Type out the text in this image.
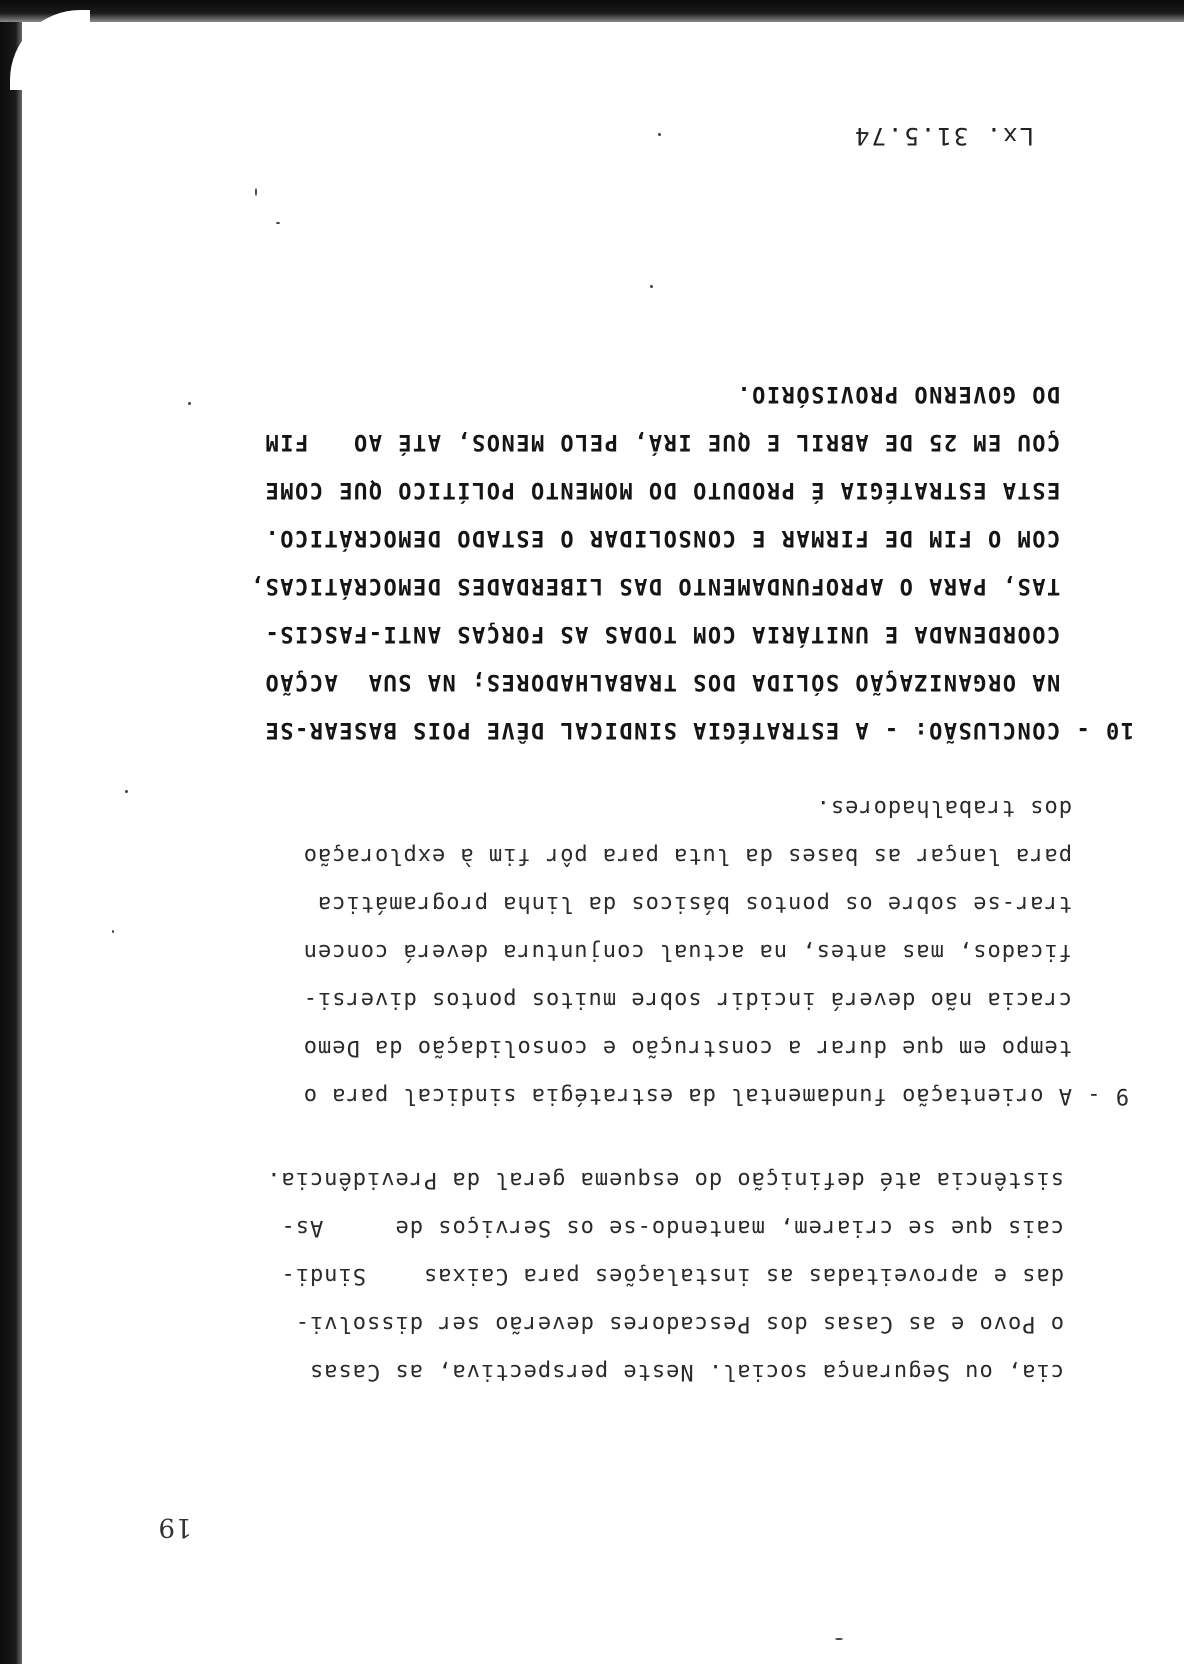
19
cia, ou Segurança social. Neste perspectiva, as Casas
o Povo e as Casas dos Pescadores deverão ser dissolvi-
das e aproveitadas as instalações para Caixas    Sindi-
cais que se criarem, mantendo-se os Serviços de     As-
sistência até definição do esquema geral da Previdência.
9 - A orientação fundamental da estratégia sindical para o
tempo em que durar a construção e consolidação da Demo
cracia não deverá incidir sobre muitos pontos diversi-
ficados, mas antes, na actual conjuntura deverá concen
trar-se sobre os pontos básicos da linha programática
para lançar as bases da luta para pôr fim à exploração
dos trabalhadores.
10 - CONCLUSÃO: - A ESTRATÉGIA SINDICAL DÊVE POIS BASEAR-SE
NA ORGANIZAÇÃO SÓLIDA DOS TRABALHADORES; NA SUA  ACÇÃO
COORDENADA E UNITÁRIA COM TODAS AS FORÇAS ANTI-FASCIS-
TAS, PARA O APROFUNDAMENTO DAS LIBERDADES DEMOCRÁTICAS,
COM O FIM DE FIRMAR E CONSOLIDAR O ESTADO DEMOCRÁTICO.
ESTA ESTRATÉGIA É PRODUTO DO MOMENTO POLÍTICO QUE COME
ÇOU EM 25 DE ABRIL E QUE IRÁ, PELO MENOS, ATÉ AO   FIM
DO GOVERNO PROVISÓRIO.
Lx. 31.5.74
